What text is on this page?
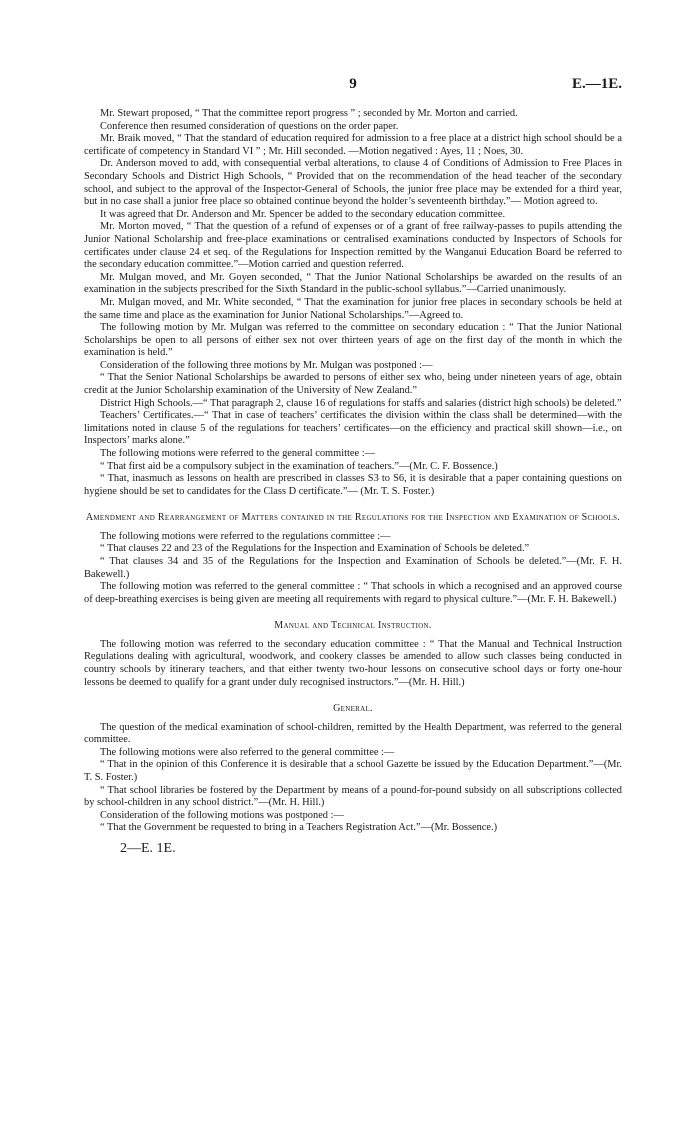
9	E.—1E.

Mr. Stewart proposed, “ That the committee report progress ” ; seconded by Mr. Morton and carried.

Conference then resumed consideration of questions on the order paper.

Mr. Braik moved, “ That the standard of education required for admission to a free place at a district high school should be a certificate of competency in Standard VI ” ; Mr. Hill seconded. —Motion negatived : Ayes, 11 ; Noes, 30.

Dr. Anderson moved to add, with consequential verbal alterations, to clause 4 of Conditions of Admission to Free Places in Secondary Schools and District High Schools, “ Provided that on the recommendation of the head teacher of the secondary school, and subject to the approval of the Inspector-General of Schools, the junior free place may be extended for a third year, but in no case shall a junior free place so obtained continue beyond the holder’s seventeenth birthday.”— Motion agreed to.

It was agreed that Dr. Anderson and Mr. Spencer be added to the secondary education committee.

Mr. Morton moved, “ That the question of a refund of expenses or of a grant of free railway-passes to pupils attending the Junior National Scholarship and free-place examinations or centralised examinations conducted by Inspectors of Schools for certificates under clause 24 et seq. of the Regulations for Inspection remitted by the Wanganui Education Board be referred to the secondary education committee.”—Motion carried and question referred.

Mr. Mulgan moved, and Mr. Goyen seconded, “ That the Junior National Scholarships be awarded on the results of an examination in the subjects prescribed for the Sixth Standard in the public-school syllabus.”—Carried unanimously.

Mr. Mulgan moved, and Mr. White seconded, “ That the examination for junior free places in secondary schools be held at the same time and place as the examination for Junior National Scholarships.”—Agreed to.

The following motion by Mr. Mulgan was referred to the committee on secondary education : “ That the Junior National Scholarships be open to all persons of either sex not over thirteen years of age on the first day of the month in which the examination is held.”

Consideration of the following three motions by Mr. Mulgan was postponed :—

“ That the Senior National Scholarships be awarded to persons of either sex who, being under nineteen years of age, obtain credit at the Junior Scholarship examination of the University of New Zealand.”

District High Schools.—“ That paragraph 2, clause 16 of regulations for staffs and salaries (district high schools) be deleted.”

Teachers’ Certificates.—“ That in case of teachers’ certificates the division within the class shall be determined—with the limitations noted in clause 5 of the regulations for teachers’ certificates—on the efficiency and practical skill shown—i.e., on Inspectors’ marks alone.”

The following motions were referred to the general committee :—

“ That first aid be a compulsory subject in the examination of teachers.”—(Mr. C. F. Bossence.)

“ That, inasmuch as lessons on health are prescribed in classes S3 to S6, it is desirable that a paper containing questions on hygiene should be set to candidates for the Class D certificate.”— (Mr. T. S. Foster.)

Amendment and Rearrangement of Matters contained in the Regulations for the Inspection and Examination of Schools.

The following motions were referred to the regulations committee :—

“ That clauses 22 and 23 of the Regulations for the Inspection and Examination of Schools be deleted.”

“ That clauses 34 and 35 of the Regulations for the Inspection and Examination of Schools be deleted.”—(Mr. F. H. Bakewell.)

The following motion was referred to the general committee : “ That schools in which a recognised and an approved course of deep-breathing exercises is being given are meeting all requirements with regard to physical culture.”—(Mr. F. H. Bakewell.)

Manual and Technical Instruction.

The following motion was referred to the secondary education committee : “ That the Manual and Technical Instruction Regulations dealing with agricultural, woodwork, and cookery classes be amended to allow such classes being conducted in country schools by itinerary teachers, and that either twenty two-hour lessons on consecutive school days or forty one-hour lessons be deemed to qualify for a grant under duly recognised instructors.”—(Mr. H. Hill.)

General.

The question of the medical examination of school-children, remitted by the Health Department, was referred to the general committee.

The following motions were also referred to the general committee :—

“ That in the opinion of this Conference it is desirable that a school Gazette be issued by the Education Department.”—(Mr. T. S. Foster.)

“ That school libraries be fostered by the Department by means of a pound-for-pound subsidy on all subscriptions collected by school-children in any school district.”—(Mr. H. Hill.)

Consideration of the following motions was postponed :—

“ That the Government be requested to bring in a Teachers Registration Act.”—(Mr. Bossence.)

2—E. 1E.
